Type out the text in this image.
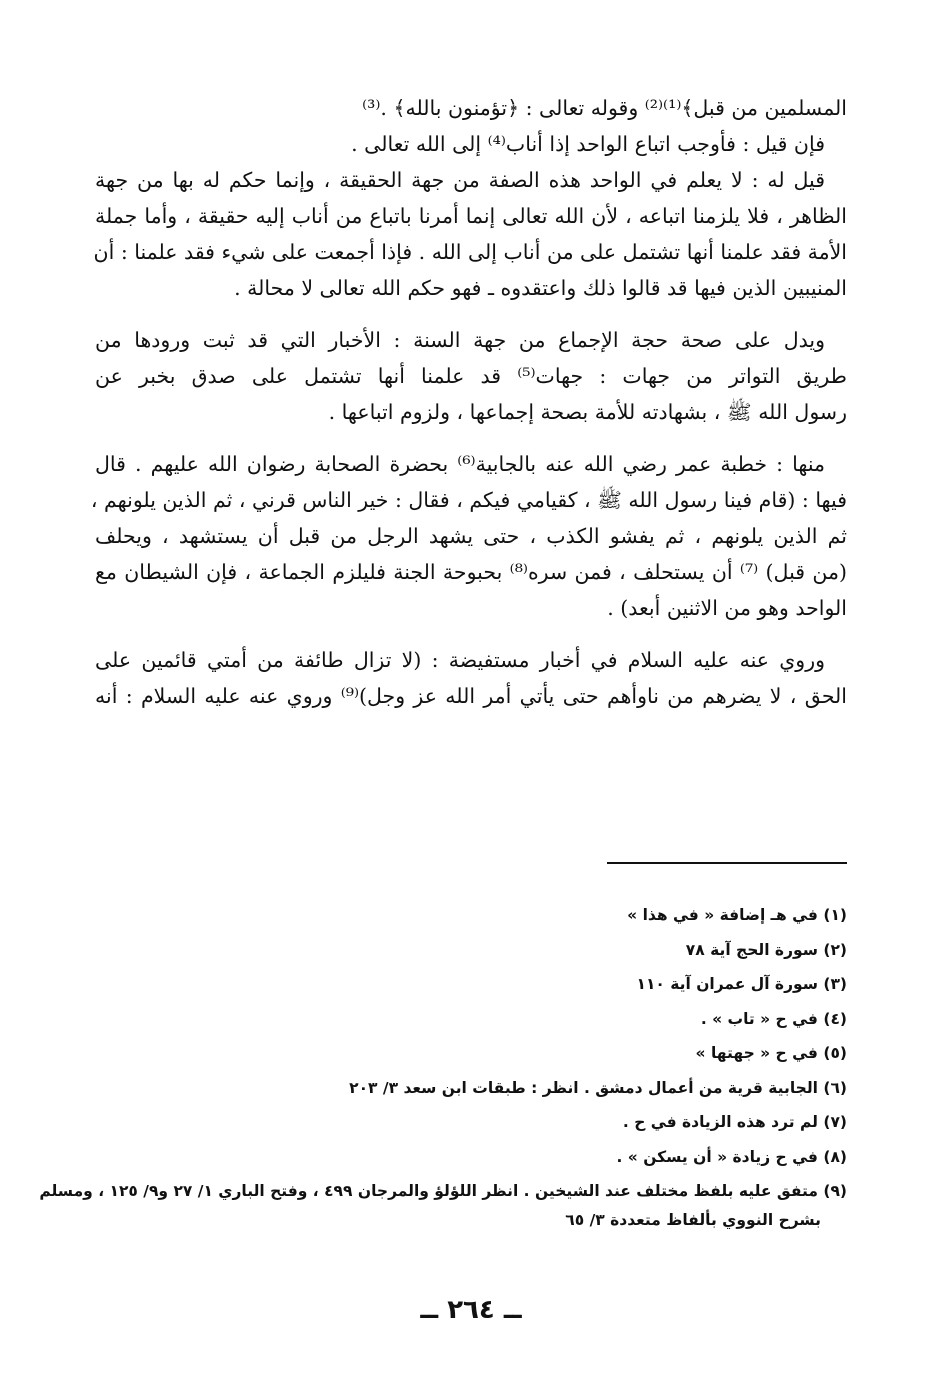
المسلمين من قبل﴾⁽¹⁾⁽²⁾ وقوله تعالى : ﴿تؤمنون بالله﴾ .⁽³⁾
فإن قيل : فأوجب اتباع الواحد إذا أناب⁽⁴⁾ إلى الله تعالى .
قيل له : لا يعلم في الواحد هذه الصفة من جهة الحقيقة ، وإنما حكم له بها من جهة
الظاهر ، فلا يلزمنا اتباعه ، لأن الله تعالى إنما أمرنا باتباع من أناب إليه حقيقة ، وأما جملة
الأمة فقد علمنا أنها تشتمل على من أناب إلى الله . فإذا أجمعت على شيء فقد علمنا : أن
المنيبين الذين فيها قد قالوا ذلك واعتقدوه ـ فهو حكم الله تعالى لا محالة .
ويدل على صحة حجة الإجماع من جهة السنة : الأخبار التي قد ثبت ورودها من
طريق التواتر من جهات : جهات⁽⁵⁾ قد علمنا أنها تشتمل على صدق بخبر عن
رسول الله ﷺ ، بشهادته للأمة بصحة إجماعها ، ولزوم اتباعها .
منها : خطبة عمر رضي الله عنه بالجابية⁽⁶⁾ بحضرة الصحابة رضوان الله عليهم . قال
فيها : (قام فينا رسول الله ﷺ ، كقيامي فيكم ، فقال : خير الناس قرني ، ثم الذين يلونهم ،
ثم الذين يلونهم ، ثم يفشو الكذب ، حتى يشهد الرجل من قبل أن يستشهد ، ويحلف
(من قبل) ⁽⁷⁾ أن يستحلف ، فمن سره⁽⁸⁾ بحبوحة الجنة فليلزم الجماعة ، فإن الشيطان مع
الواحد وهو من الاثنين أبعد) .
وروي عنه عليه السلام في أخبار مستفيضة : (لا تزال طائفة من أمتي قائمين على
الحق ، لا يضرهم من ناوأهم حتى يأتي أمر الله عز وجل)⁽⁹⁾ وروي عنه عليه السلام : أنه
(١) في هـ إضافة « في هذا »
(٢) سورة الحج آية ٧٨
(٣) سورة آل عمران آية ١١٠
(٤) في ح « تاب » .
(٥) في ح « جهتها »
(٦) الجابية قرية من أعمال دمشق . انظر : طبقات ابن سعد ٣/ ٢٠٣
(٧) لم ترد هذه الزيادة في ح .
(٨) في ح زيادة « أن يسكن » .
(٩) متفق عليه بلفظ مختلف عند الشيخين . انظر اللؤلؤ والمرجان ٤٩٩ ، وفتح الباري ١/ ٢٧ و٩/ ١٢٥ ، ومسلم
بشرح النووي بألفاظ متعددة ٣/ ٦٥
ــ ٢٦٤ ــ
